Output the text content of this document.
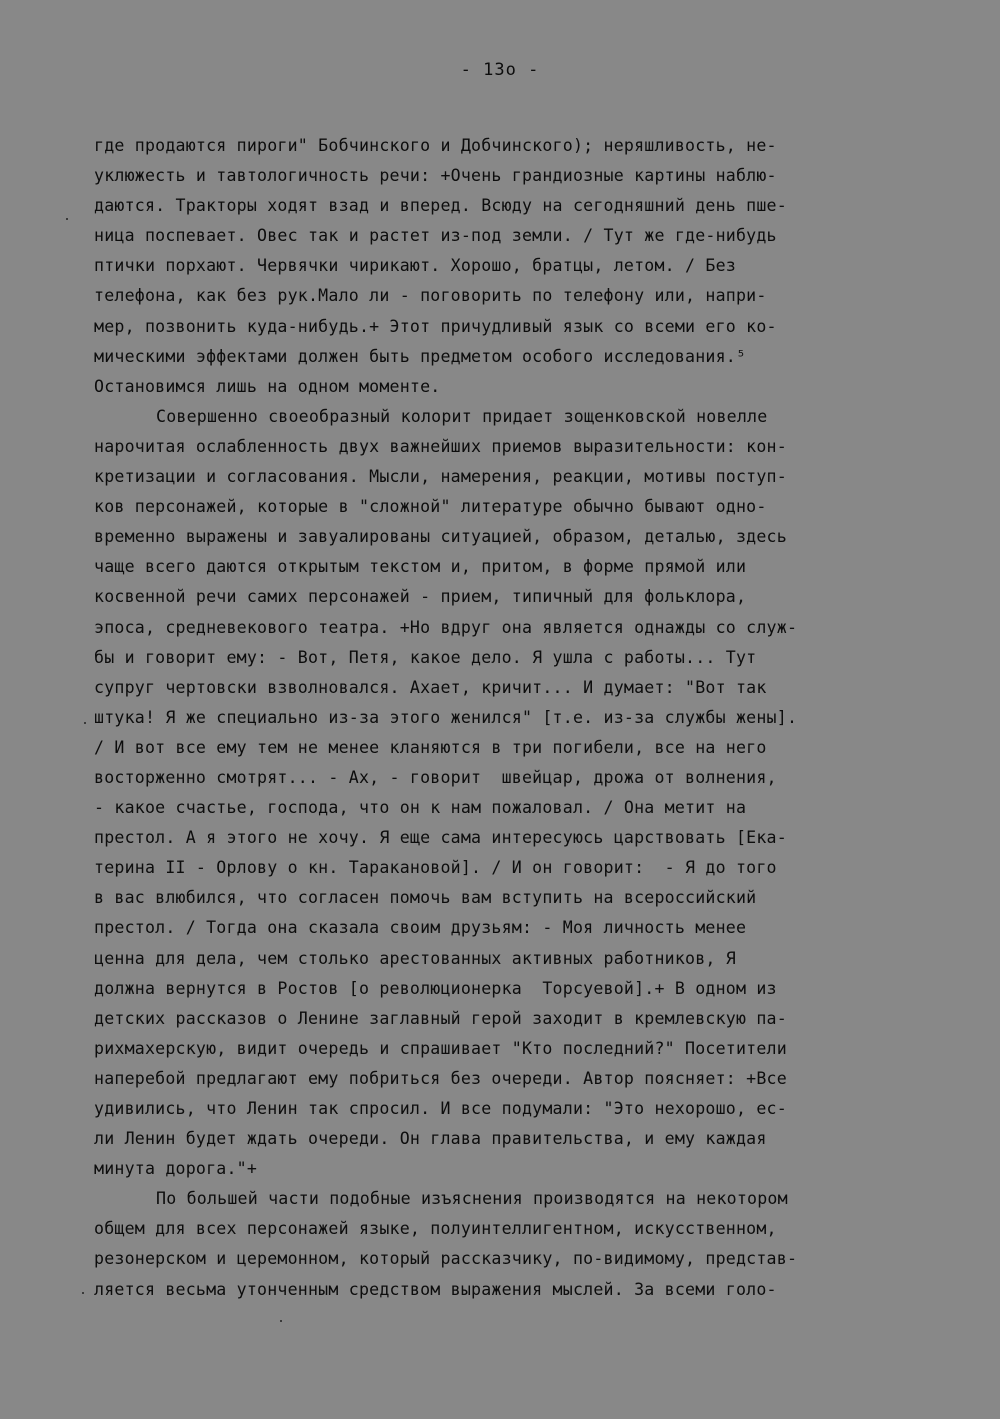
- 13о -
где продаются пироги" Бобчинского и Добчинского); неряшливость, не-
уклюжесть и тавтологичность речи: +Очень грандиозные картины наблю-
даются. Тракторы ходят взад и вперед. Всюду на сегодняшний день пше-
ница поспевает. Овес так и растет из-под земли. / Тут же где-нибудь
птички порхают. Червячки чирикают. Хорошо, братцы, летом. / Без
телефона, как без рук.Мало ли - поговорить по телефону или, напри-
мер, позвонить куда-нибудь.+ Этот причудливый язык со всеми его ко-
мическими эффектами должен быть предметом особого исследования.⁵
Остановимся лишь на одном моменте.
Совершенно своеобразный колорит придает зощенковской новелле
нарочитая ослабленность двух важнейших приемов выразительности: кон-
кретизации и согласования. Мысли, намерения, реакции, мотивы поступ-
ков персонажей, которые в "сложной" литературе обычно бывают одно-
временно выражены и завуалированы ситуацией, образом, деталью, здесь
чаще всего даются открытым текстом и, притом, в форме прямой или
косвенной речи самих персонажей - прием, типичный для фольклора,
эпоса, средневекового театра. +Но вдруг она является однажды со служ-
бы и говорит ему: - Вот, Петя, какое дело. Я ушла с работы... Тут
супруг чертовски взволновался. Ахает, кричит... И думает: "Вот так
штука! Я же специально из-за этого женился" [т.е. из-за службы жены].
/ И вот все ему тем не менее кланяются в три погибели, все на него
восторженно смотрят... - Ах, - говорит  швейцар, дрожа от волнения,
- какое счастье, господа, что он к нам пожаловал. / Она метит на
престол. А я этого не хочу. Я еще сама интересуюсь царствовать [Ека-
терина II - Орлову о кн. Таракановой]. / И он говорит:  - Я до того
в вас влюбился, что согласен помочь вам вступить на всероссийский
престол. / Тогда она сказала своим друзьям: - Моя личность менее
ценна для дела, чем столько арестованных активных работников, Я
должна вернутся в Ростов [о революционерка  Торсуевой].+ В одном из
детских рассказов о Ленине заглавный герой заходит в кремлевскую па-
рихмахерскую, видит очередь и спрашивает "Кто последний?" Посетители
наперебой предлагают ему побриться без очереди. Автор поясняет: +Все
удивились, что Ленин так спросил. И все подумали: "Это нехорошо, ес-
ли Ленин будет ждать очереди. Он глава правительства, и ему каждая
минута дорога."+
По большей части подобные изъяснения производятся на некотором
общем для всех персонажей языке, полуинтеллигентном, искусственном,
резонерском и церемонном, который рассказчику, по-видимому, представ-
ляется весьма утонченным средством выражения мыслей. За всеми голо-
